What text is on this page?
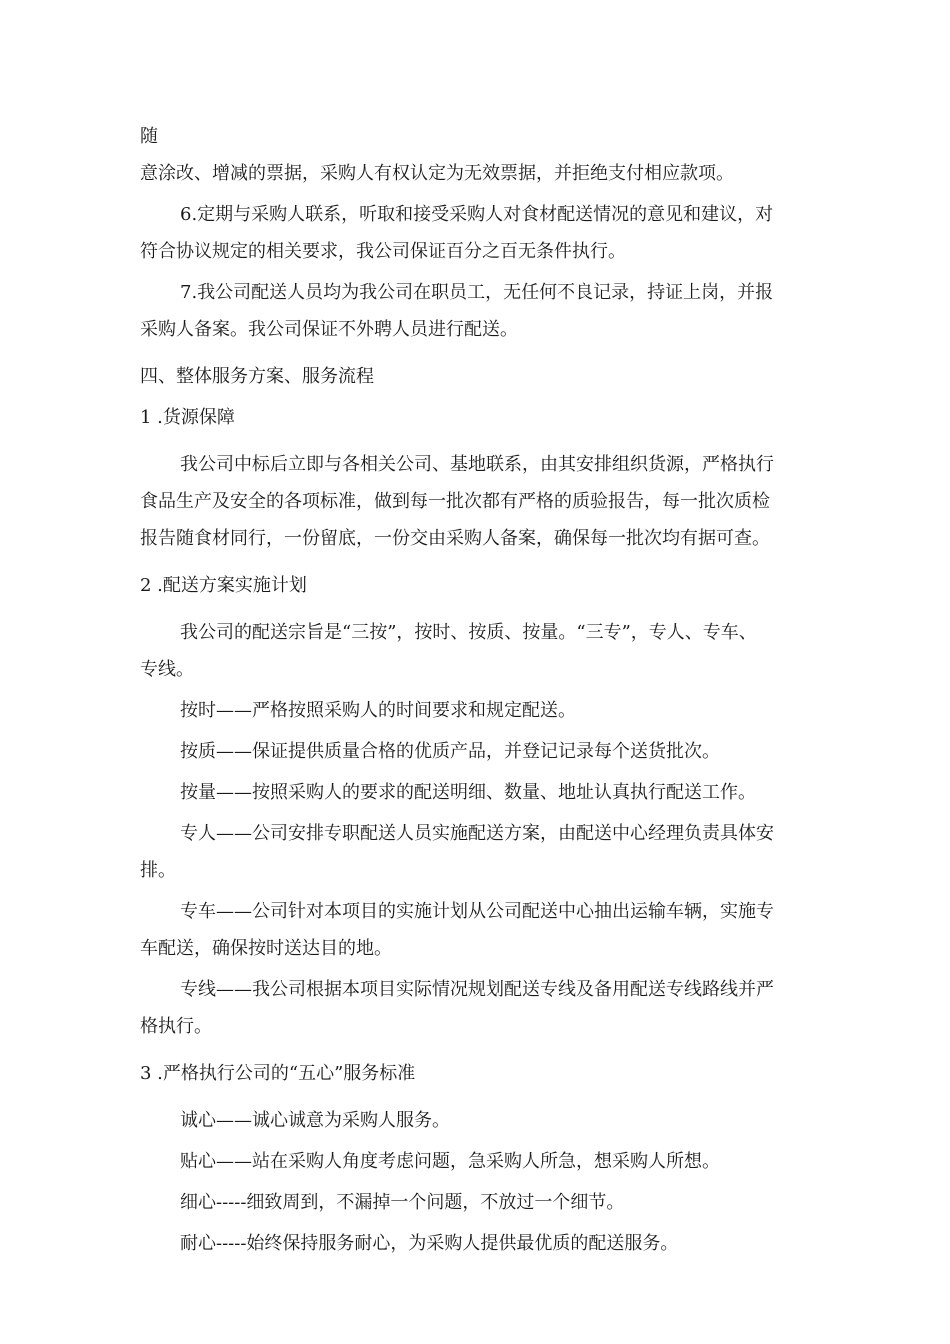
随
意涂改、增减的票据，采购人有权认定为无效票据，并拒绝支付相应款项。
6.定期与采购人联系，听取和接受采购人对食材配送情况的意见和建议，对
符合协议规定的相关要求，我公司保证百分之百无条件执行。
7.我公司配送人员均为我公司在职员工，无任何不良记录，持证上岗，并报
采购人备案。我公司保证不外聘人员进行配送。
四、整体服务方案、服务流程
1 .货源保障
我公司中标后立即与各相关公司、基地联系，由其安排组织货源，严格执行
食品生产及安全的各项标准，做到每一批次都有严格的质验报告，每一批次质检
报告随食材同行，一份留底，一份交由采购人备案，确保每一批次均有据可查。
2 .配送方案实施计划
我公司的配送宗旨是“三按”，按时、按质、按量。“三专”，专人、专车、
专线。
按时——严格按照采购人的时间要求和规定配送。
按质——保证提供质量合格的优质产品，并登记记录每个送货批次。
按量——按照采购人的要求的配送明细、数量、地址认真执行配送工作。
专人——公司安排专职配送人员实施配送方案，由配送中心经理负责具体安
排。
专车——公司针对本项目的实施计划从公司配送中心抽出运输车辆，实施专
车配送，确保按时送达目的地。
专线——我公司根据本项目实际情况规划配送专线及备用配送专线路线并严
格执行。
3 .严格执行公司的“五心”服务标准
诚心——诚心诚意为采购人服务。
贴心——站在采购人角度考虑问题，急采购人所急，想采购人所想。
细心-----细致周到，不漏掉一个问题，不放过一个细节。
耐心-----始终保持服务耐心，为采购人提供最优质的配送服务。
